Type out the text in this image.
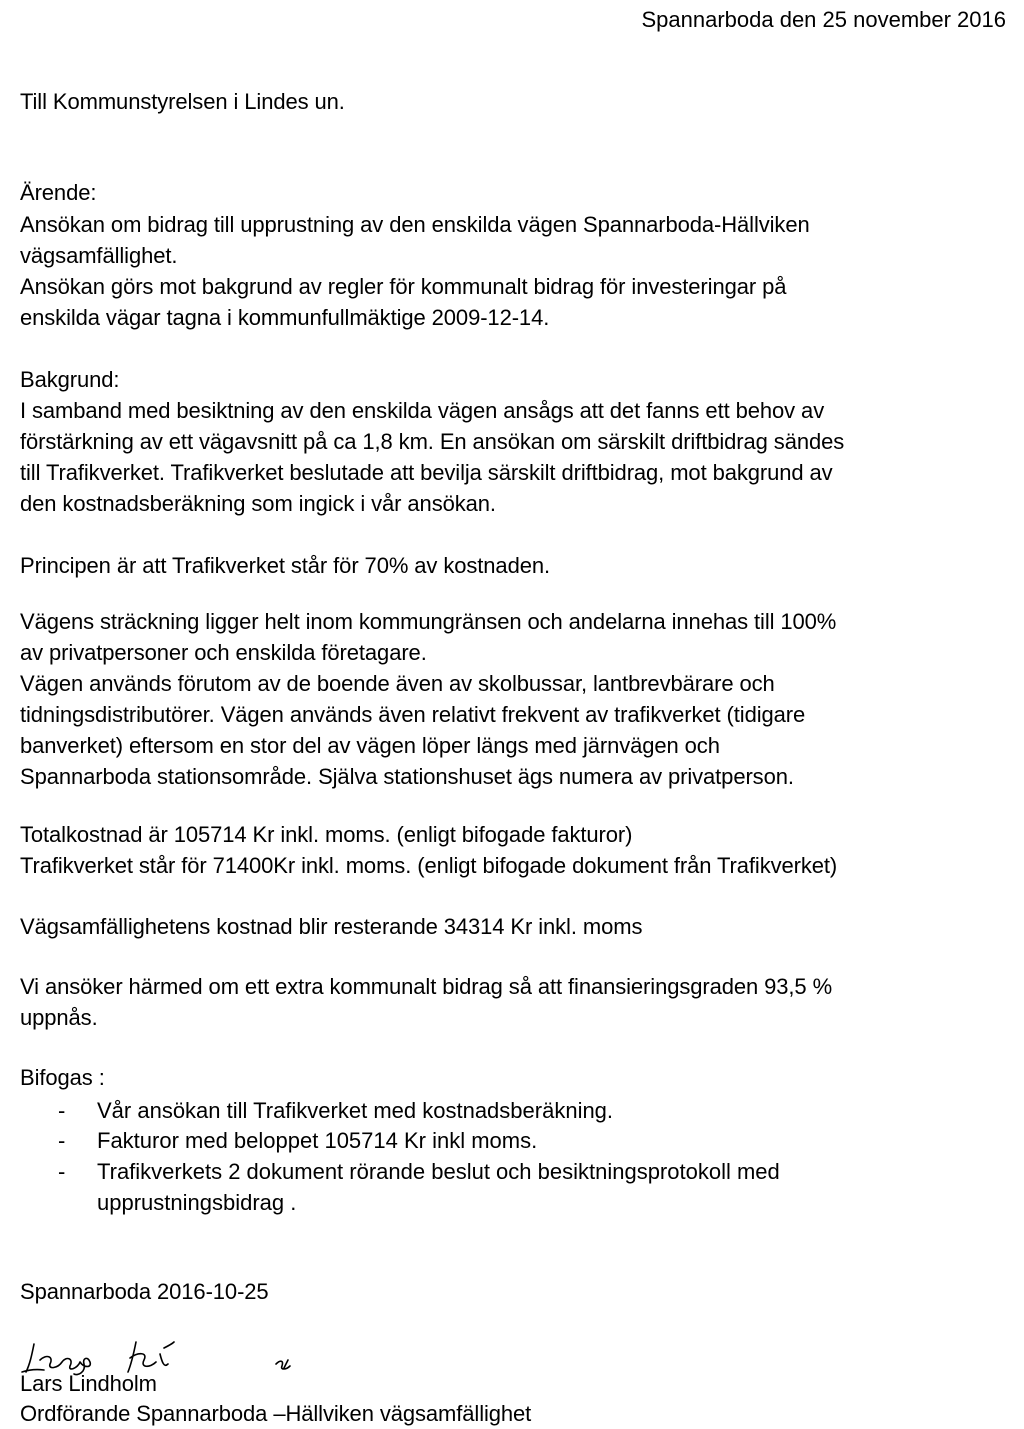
Spannarboda den 25 november 2016
Till Kommunstyrelsen i Lindes un.
Ärende:
Ansökan om bidrag till upprustning av den enskilda vägen Spannarboda-Hällviken
vägsamfällighet.
Ansökan görs mot bakgrund av regler för kommunalt bidrag för investeringar på
enskilda vägar tagna i kommunfullmäktige 2009-12-14.
Bakgrund:
I samband med besiktning av den enskilda vägen ansågs att det fanns ett behov av
förstärkning av ett vägavsnitt på ca 1,8 km. En ansökan om särskilt driftbidrag sändes
till Trafikverket. Trafikverket beslutade att bevilja särskilt driftbidrag, mot bakgrund av
den kostnadsberäkning som ingick i vår ansökan.
Principen är att Trafikverket står för 70% av kostnaden.
Vägens sträckning ligger helt inom kommungränsen och andelarna innehas till 100%
av privatpersoner och enskilda företagare.
Vägen används förutom av de boende även av skolbussar, lantbrevbärare och
tidningsdistributörer. Vägen används även relativt frekvent av trafikverket (tidigare
banverket) eftersom en stor del av vägen löper längs med järnvägen och
Spannarboda stationsområde. Själva stationshuset ägs numera av privatperson.
Totalkostnad är 105714 Kr inkl. moms. (enligt bifogade fakturor)
Trafikverket står för 71400Kr inkl. moms. (enligt bifogade dokument från Trafikverket)
Vägsamfällighetens kostnad blir resterande 34314 Kr inkl. moms
Vi ansöker härmed om ett extra kommunalt bidrag så att finansieringsgraden 93,5 %
uppnås.
Bifogas :
- Vår ansökan till Trafikverket med kostnadsberäkning.
- Fakturor med beloppet 105714 Kr inkl moms.
- Trafikverkets 2 dokument rörande beslut och besiktningsprotokoll med
upprustningsbidrag .
Spannarboda 2016-10-25
Lars Lindholm
Ordförande Spannarboda –Hällviken vägsamfällighet
